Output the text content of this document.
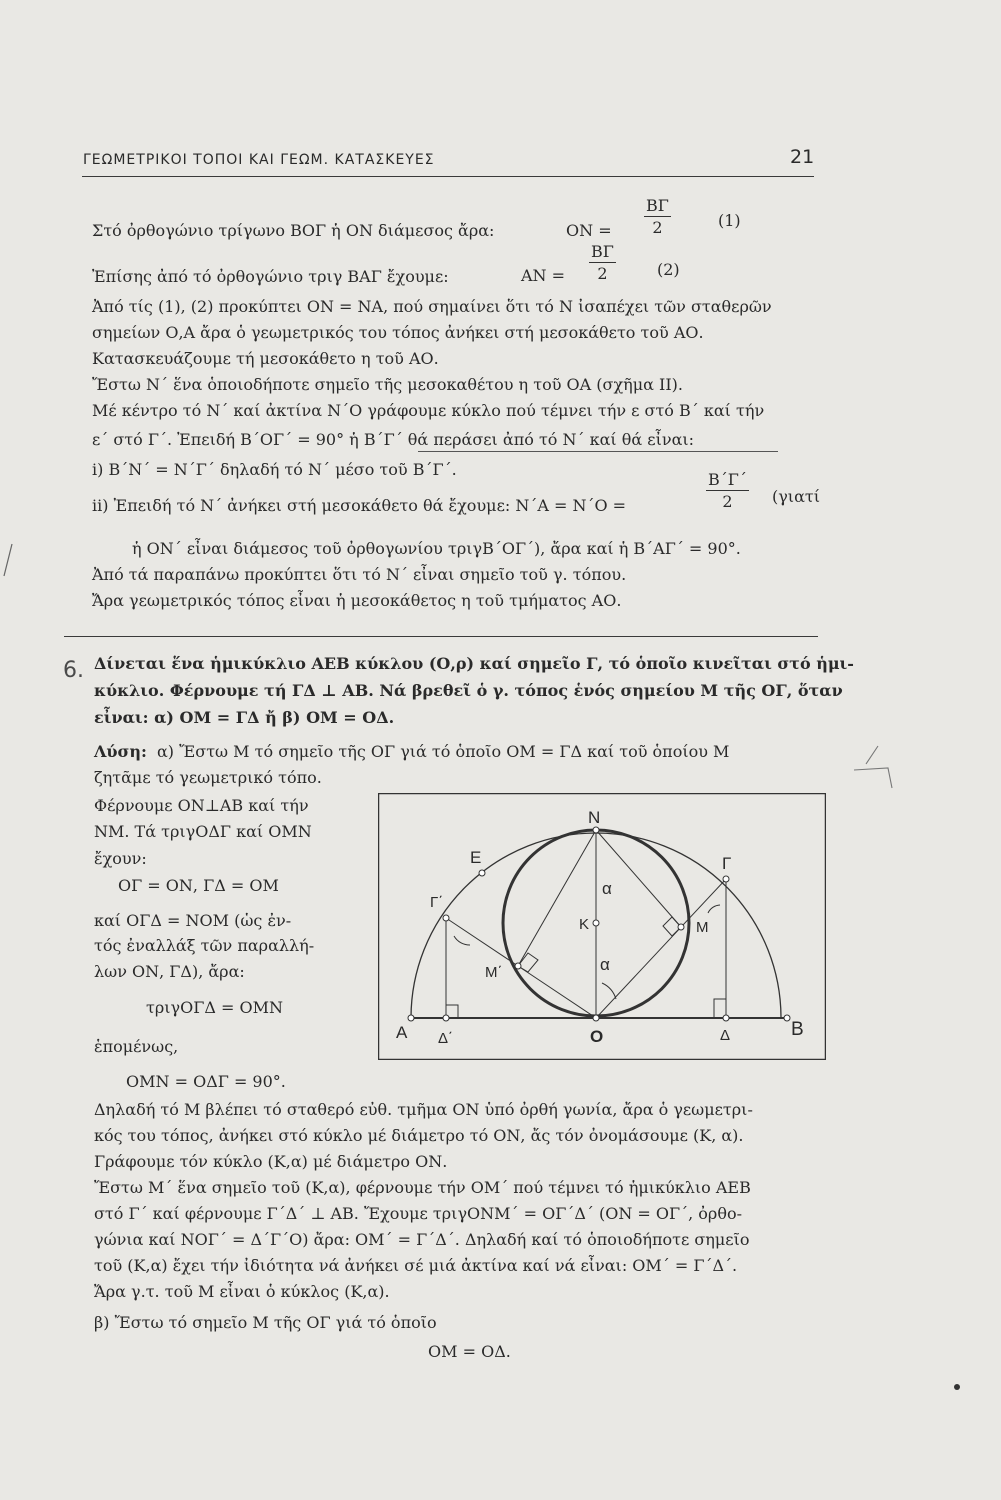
ΓΕΩΜΕΤΡΙΚΟΙ ΤΟΠΟΙ ΚΑΙ ΓΕΩΜ. ΚΑΤΑΣΚΕΥΕΣ	21
Στό ὀρθογώνιο τρίγωνο ΒΟΓ ἡ ΟΝ διάμεσος ἄρα:	ΟΝ =
ΒΓ
2	(1)
Ἐπίσης ἀπό τό ὀρθογώνιο τριγ ΒΑΓ ἔχουμε:	ΑΝ =
ΒΓ
2	(2)
Ἀπό τίς (1), (2) προκύπτει ΟΝ = ΝΑ, πού σημαίνει ὅτι τό Ν ἰσαπέχει τῶν σταθερῶν
σημείων Ο,Α ἄρα ὁ γεωμετρικός του τόπος ἀνήκει στή μεσοκάθετο τοῦ ΑΟ.
Κατασκευάζουμε τή μεσοκάθετο η τοῦ ΑΟ.
Ἔστω Ν΄ ἕνα ὁποιοδήποτε σημεῖο τῆς μεσοκαθέτου η τοῦ ΟΑ (σχῆμα ΙΙ).
Μέ κέντρο τό Ν΄ καί ἀκτίνα Ν΄Ο γράφουμε κύκλο πού τέμνει τήν ε στό Β΄ καί τήν
ε΄ στό Γ΄. Ἐπειδή Β΄ΟΓ΄ = 90° ἡ Β΄Γ΄ θά περάσει ἀπό τό Ν΄ καί θά εἶναι:
i) Β΄Ν΄ = Ν΄Γ΄ δηλαδή τό Ν΄ μέσο τοῦ Β΄Γ΄.
ii) Ἐπειδή τό Ν΄ ἀνήκει στή μεσοκάθετο θά ἔχουμε: Ν΄Α = Ν΄Ο =
Β΄Γ΄
2	(γιατί
ἡ ΟΝ΄ εἶναι διάμεσος τοῦ ὀρθογωνίου τριγΒ΄ΟΓ΄), ἄρα καί ἡ Β΄ΑΓ΄ = 90°.
Ἀπό τά παραπάνω προκύπτει ὅτι τό Ν΄ εἶναι σημεῖο τοῦ γ. τόπου.
Ἄρα γεωμετρικός τόπος εἶναι ἡ μεσοκάθετος η τοῦ τμήματος ΑΟ.
6. Δίνεται ἕνα ἡμικύκλιο ΑΕΒ κύκλου (Ο,ρ) καί σημεῖο Γ, τό ὁποῖο κινεῖται στό ἡμι-
κύκλιο. Φέρνουμε τή ΓΔ ⊥ ΑΒ. Νά βρεθεῖ ὁ γ. τόπος ἑνός σημείου Μ τῆς ΟΓ, ὅταν
εἶναι: α) ΟΜ = ΓΔ ἤ β) ΟΜ = ΟΔ.
Λύση: α) Ἔστω Μ τό σημεῖο τῆς ΟΓ γιά τό ὁποῖο ΟΜ = ΓΔ καί τοῦ ὁποίου Μ
ζητᾶμε τό γεωμετρικό τόπο.
Φέρνουμε ΟΝ⊥ΑΒ καί τήν
ΝΜ. Τά τριγΟΔΓ καί ΟΜΝ
ἔχουν:
ΟΓ = ΟΝ, ΓΔ = ΟΜ
καί ΟΓΔ = ΝΟΜ (ὡς ἐν-
τός ἐναλλάξ τῶν παραλλή-
λων ΟΝ, ΓΔ), ἄρα:
τριγΟΓΔ = ΟΜΝ
ἑπομένως,
ΟΜΝ = ΟΔΓ = 90°.
Δηλαδή τό Μ βλέπει τό σταθερό εὐθ. τμῆμα ΟΝ ὑπό ὀρθή γωνία, ἄρα ὁ γεωμετρι-
κός του τόπος, ἀνήκει στό κύκλο μέ διάμετρο τό ΟΝ, ἄς τόν ὀνομάσουμε (Κ, α).
Γράφουμε τόν κύκλο (Κ,α) μέ διάμετρο ΟΝ.
Ἔστω Μ΄ ἕνα σημεῖο τοῦ (Κ,α), φέρνουμε τήν ΟΜ΄ πού τέμνει τό ἡμικύκλιο ΑΕΒ
στό Γ΄ καί φέρνουμε Γ΄Δ΄ ⊥ ΑΒ. Ἔχουμε τριγΟΝΜ΄ = ΟΓ΄Δ΄ (ΟΝ = ΟΓ΄, ὀρθο-
γώνια καί ΝΟΓ΄ = Δ΄Γ΄Ο) ἄρα: ΟΜ΄ = Γ΄Δ΄. Δηλαδή καί τό ὁποιοδήποτε σημεῖο
τοῦ (Κ,α) ἔχει τήν ἰδιότητα νά ἀνήκει σέ μιά ἀκτίνα καί νά εἶναι: ΟΜ΄ = Γ΄Δ΄.
Ἄρα γ.τ. τοῦ Μ εἶναι ὁ κύκλος (Κ,α).
β) Ἔστω τό σημεῖο Μ τῆς ΟΓ γιά τό ὁποῖο
ΟΜ = ΟΔ.
N
E	Γ
Γ΄
α
K	M
M΄	α
A Δ΄	O	Δ	B
